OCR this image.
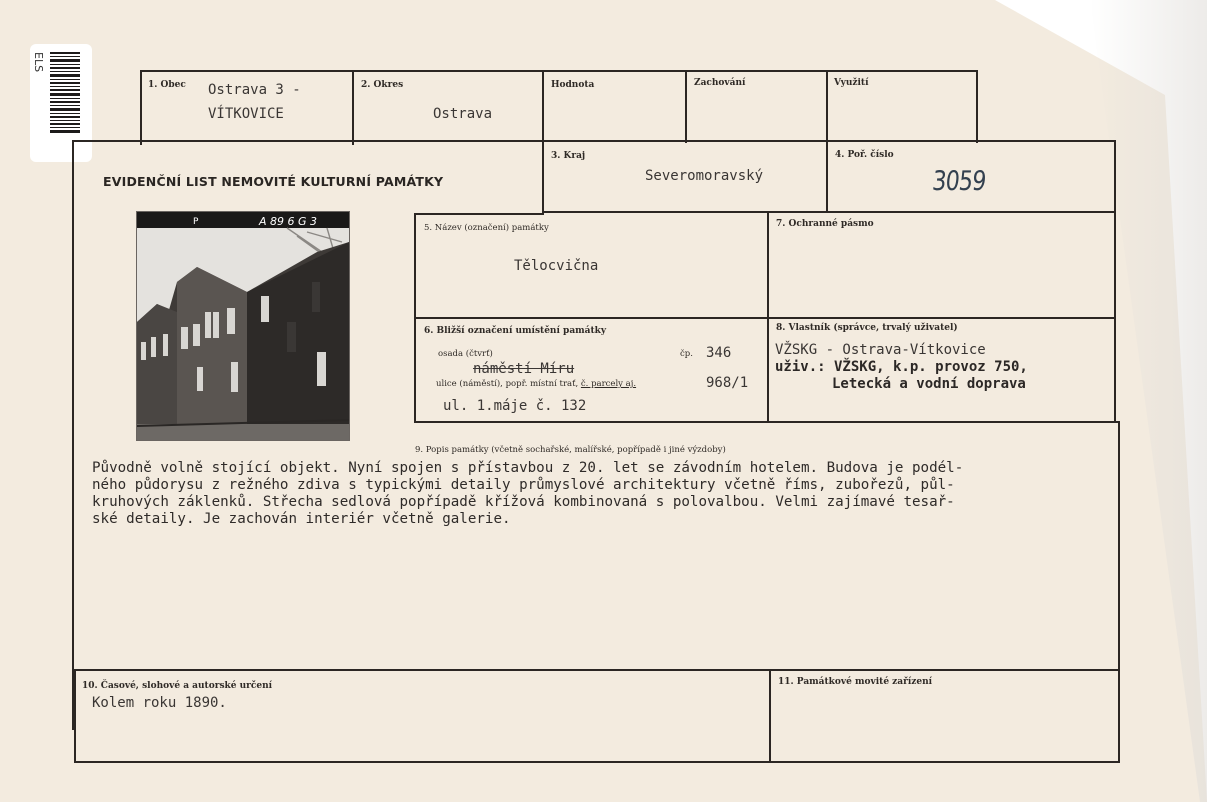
ELS
EVIDENČNÍ LIST NEMOVITÉ KULTURNÍ PAMÁTKY
1. Obec Ostrava 3 -
VÍTKOVICE
2. Okres
Ostrava
Hodnota	Zachování	Využití
3. Kraj
Severomoravský
4. Poř. číslo
3059
P	A 89 6 G 3	5. Název (označení) památky
Tělocvična
7. Ochranné pásmo
6. Bližší označení umístění památky
osada (čtvrť)	čp. 346
náměstí Míru
ulice (náměstí), popř. místní trať, č. parcely aj.	968/1
ul. 1.máje č. 132
8. Vlastník (správce, trvalý uživatel)
VŽSKG - Ostrava-Vítkovice
uživ.: VŽSKG, k.p. provoz 750,
Letecká a vodní doprava
9. Popis památky (včetně sochařské, malířské, popřípadě i jiné výzdoby)
Původně volně stojící objekt. Nyní spojen s přístavbou z 20. let se závodním hotelem. Budova je podél-
ného půdorysu z režného zdiva s typickými detaily průmyslové architektury včetně říms, zubořezů, půl-
kruhových záklenků. Střecha sedlová popřípadě křížová kombinovaná s polovalbou. Velmi zajímavé tesař-
ské detaily. Je zachován interiér včetně galerie.
10. Časové, slohové a autorské určení
Kolem roku 1890.
11. Památkové movité zařízení
